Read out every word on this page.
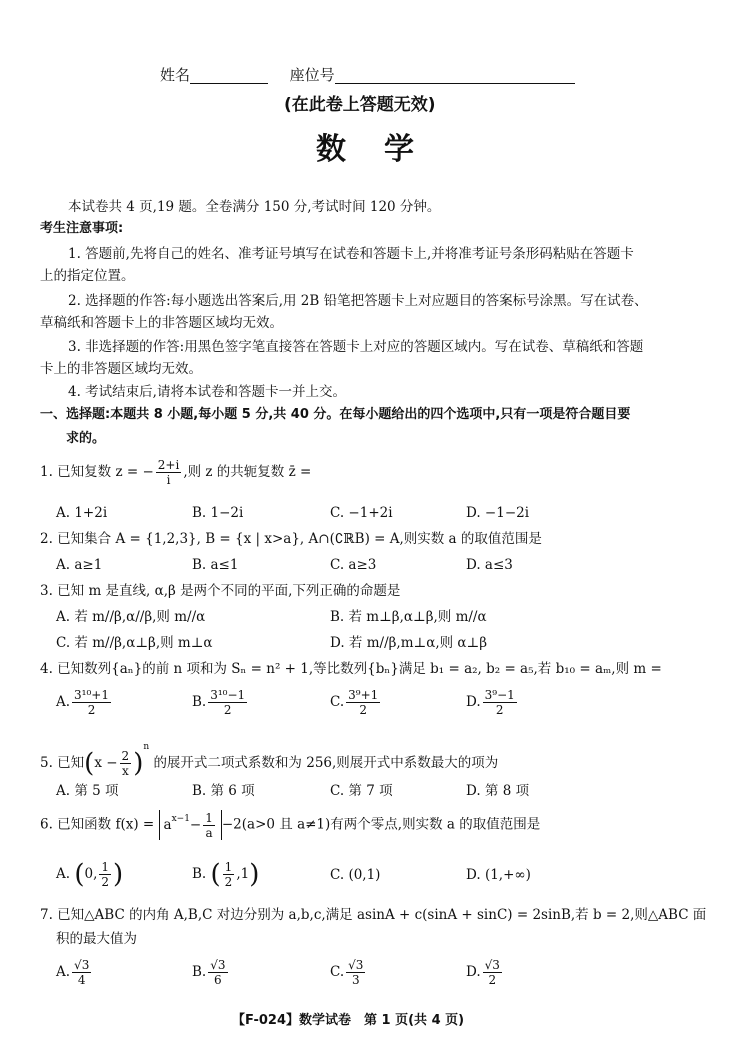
姓名	座位号
(在此卷上答题无效)
数　学
本试卷共 4 页,19 题。全卷满分 150 分,考试时间 120 分钟。
考生注意事项:
1. 答题前,先将自己的姓名、准考证号填写在试卷和答题卡上,并将准考证号条形码粘贴在答题卡
上的指定位置。
2. 选择题的作答:每小题选出答案后,用 2B 铅笔把答题卡上对应题目的答案标号涂黑。写在试卷、
草稿纸和答题卡上的非答题区域均无效。
3. 非选择题的作答:用黑色签字笔直接答在答题卡上对应的答题区域内。写在试卷、草稿纸和答题
卡上的非答题区域均无效。
4. 考试结束后,请将本试卷和答题卡一并上交。
一、选择题:本题共 8 小题,每小题 5 分,共 40 分。在每小题给出的四个选项中,只有一项是符合题目要
求的。
1. 已知复数 z = − $\frac{2+i}{i}$ ,则 z 的共轭复数 z̄ =
A. 1+2i	B. 1−2i	C. −1+2i	D. −1−2i
2. 已知集合 A = {1,2,3}, B = {x | x>a}, A∩(∁ℝB) = A,则实数 a 的取值范围是
A. a≥1	B. a≤1	C. a≥3	D. a≤3
3. 已知 m 是直线, α,β 是两个不同的平面,下列正确的命题是
A. 若 m//β,α//β,则 m//α	B. 若 m⊥β,α⊥β,则 m//α
C. 若 m//β,α⊥β,则 m⊥α	D. 若 m//β,m⊥α,则 α⊥β
4. 已知数列{aₙ}的前 n 项和为 Sₙ = n² + 1,等比数列{bₙ}满足 b₁ = a₂, b₂ = a₅,若 b₁₀ = aₘ,则 m =
A. $\frac{\text{3¹⁰+1}}{2}$	B. $\frac{\text{3¹⁰−1}}{2}$	C. $\frac{\text{3⁹+1}}{2}$	D. $\frac{\text{3⁹−1}}{2}$
5. 已知$(x - \frac{2}{x} )^n$ 的展开式二项式系数和为 256,则展开式中系数最大的项为
A. 第 5 项	B. 第 6 项	C. 第 7 项	D. 第 8 项
6. 已知函数 $f(x) = a^{x-1}- \frac{1}{a} -2(a>0$ 且 a≠1)有两个零点,则实数 a 的取值范围是
A. (0, $\frac{1}{2}$ )	B. ( $\frac{1}{2} ,1$)	C. (0,1)	D. (1,+∞)
7. 已知△ABC 的内角 A,B,C 对边分别为 a,b,c,满足 asinA + c(sinA + sinC) = 2sinB,若 b = 2,则△ABC 面
积的最大值为
A. $\frac{√3}{4}$	B. $\frac{√3}{6}$	C. $\frac{√3}{3}$	D. $\frac{√3}{2}$
【F-024】数学试卷　第 1 页(共 4 页)
